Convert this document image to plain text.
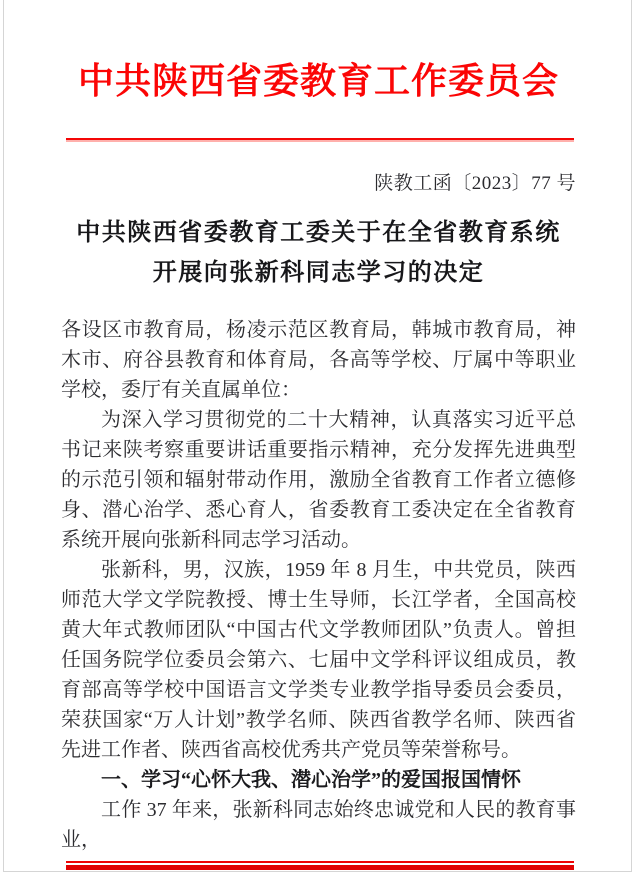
中共陕西省委教育工作委员会
陕教工函〔2023〕77 号
中共陕西省委教育工委关于在全省教育系统
开展向张新科同志学习的决定

各设区市教育局，杨凌示范区教育局，韩城市教育局，神木市、府谷县教育和体育局，各高等学校、厅属中等职业学校，委厅有关直属单位：

为深入学习贯彻党的二十大精神，认真落实习近平总书记来陕考察重要讲话重要指示精神，充分发挥先进典型的示范引领和辐射带动作用，激励全省教育工作者立德修身、潜心治学、悉心育人，省委教育工委决定在全省教育系统开展向张新科同志学习活动。

张新科，男，汉族，1959 年 8 月生，中共党员，陕西师范大学文学院教授、博士生导师，长江学者，全国高校黄大年式教师团队“中国古代文学教师团队”负责人。曾担任国务院学位委员会第六、七届中文学科评议组成员，教育部高等学校中国语言文学类专业教学指导委员会委员，荣获国家“万人计划”教学名师、陕西省教学名师、陕西省先进工作者、陕西省高校优秀共产党员等荣誉称号。

一、学习“心怀大我、潜心治学”的爱国报国情怀

工作 37 年来，张新科同志始终忠诚党和人民的教育事业，
